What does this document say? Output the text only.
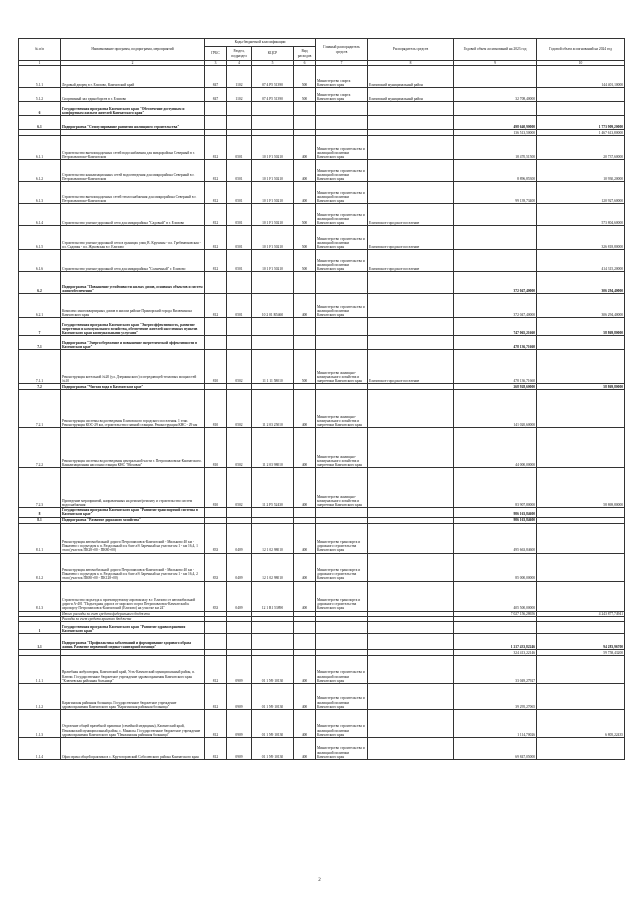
№ п/п	Наименование программ, подпрограмм, мероприятий	Коды бюджетной классификации				Главный распорядитель средств	Распорядитель средств	Годовой объем ассигнований на 2023 год	Годовой объем ассигнований на 2024 год
		ГРБС	Раздел, подраздел	КЦСР	Вид расходов				
1	2	3	4	5	6	7	8	9	10
5.1.1	Ледовый дворец в г. Елизово, Камчатский край	847	1102	07 4 Р5 51390	500	Министерство спорта Камчатского края	Елизовский муниципальный район		144 401,10000
5.1.2	Спортивный зал единоборств в г. Елизово	847	1102	07 4 Р5 51390	500	Министерство спорта Камчатского края	Елизовский муниципальный район	32 708,40000	
6	Государственная программа Камчатского края "Обеспечение доступным и комфортным жильем жителей Камчатского края"								
6.1	Подпрограмма "Стимулирование развития жилищного строительства"							498 640,90000	1 773 909,20000
								136 513,50000	1 467 613,80000
6.1.1	Строительство внеплощадочных сетей водоснабжения для микрорайона Северный в г. Петропавловске-Камчатском	812	0501	10 1 F1 50210	400	Министерство строительства и жилищной политики Камчатского края		18 470,51500	20 737,60000
6.1.2	Строительство канализационных сетей водоотведения для микрорайона Северный в г. Петропавловске-Камчатском	812	0501	10 1 F1 50210	400	Министерство строительства и жилищной политики Камчатского края		8 896,85300	10 930,20000
6.1.3	Строительство внеплощадочных сетей теплоснабжения для микрорайона Северный в г. Петропавловске-Камчатском	812	0501	10 1 F1 50210	400	Министерство строительства и жилищной политики Камчатского края		99 139,73400	120 927,60000
6.1.4	Строительство улично-дорожной сети для микрорайона "Садовый" в г. Елизово	812	0501	10 1 F1 50210	500	Министерство строительства и жилищной политики Камчатского края	Елизовское городское поселение		573 804,60000
6.1.5	Строительство улично-дорожной сети в границах улиц В. Кручины - пл. Гребенюковская - пл. Садовая - пл. Жуковская в г. Елизово	812	0501	10 1 F1 50210	500	Министерство строительства и жилищной политики Камчатского края	Елизовское городское поселение		326 818,80000
6.1.6	Строительство улично-дорожной сети для микрорайона "Солнечный" г. Елизово	812	0501	10 1 F1 50210	500	Министерство строительства и жилищной политики Камчатского края	Елизовское городское поселение		414 315,20000
6.2	Подпрограмма "Повышение устойчивости жилых домов, основных объектов и систем жизнеобеспечения"							372 047,40000	306 294,40000
6.2.1	Комплекс многоквартирных домов в жилом районе Приморский города Вилючинска Камчатского края	812	0501	10 2 01 R5460	400	Министерство строительства и жилищной политики Камчатского края		372 047,40000	306 294,40000
7	Государственная программа Камчатского края "Энергоэффективность, развитие энергетики и коммунального хозяйства, обеспечение жителей населенных пунктов Камчатского края коммунальными услугами"							747 065,21660	58 869,80000
7.1	Подпрограмма "Энергосбережение и повышение энергетической эффективности в Камчатском крае"							478 136,71660	
7.1.1	Реконструкция котельной №20 (ул. Дзержинского) и передающей тепловых мощностей №10	810	0502	11 1 11 58010	500	Министерство жилищно-коммунального хозяйства и энергетики Камчатского края	Елизовское городское поселение	478 136,71660	
7.2	Подпрограмма "Чистая вода в Камчатском крае"							268 928,60000	58 869,80000
7.2.1	Реконструкция системы водоотведения Елизовского городского поселения. 1 этап. Реконструкция КОС-29 км, строительство главной станции. Реконструкция КНС - 29 км	810	0502	11 2 03 25010	400	Министерство жилищно-коммунального хозяйства и энергетики Камчатского края		141 020,60000	
7.2.2	Реконструкция системы водоотведения центральной части г. Петропавловска-Камчатского. Канализационная насосная станция КНС "Моховая"	810	0502	11 2 03 98010	400	Министерство жилищно-коммунального хозяйства и энергетики Камчатского края		44 000,00000	
7.2.3	Проведение мероприятий, направленных на ремонт/ремонту и строительство систем водоснабжения	810	0502	11 2 F5 52430	400	Министерство жилищно-коммунального хозяйства и энергетики Камчатского края		83 907,80000	58 869,80000
8	Государственная программа Камчатского края "Развитие транспортной системы в Камчатском крае"							986 163,84600	
8.1	Подпрограмма "Развитие дорожного хозяйства"							986 163,84600	
8.1.1	Реконструкция автомобильной дороги Петропавловск-Камчатский - Мильково 40 км - Пиначево с подъездом к п. Раздольный и к базе а/б Заречный на участке км 1 - км 16,4, 1 этап (участок ПК28+00 - ПК80+00)	833	0409	12 1 02 98010	400	Министерство транспорта и дорожного строительства Камчатского края		495 663,84600	
8.1.2	Реконструкция автомобильной дороги Петропавловск-Камчатский - Мильково 40 км - Пиначево с подъездом к п. Раздольный и к базе а/б Заречный на участке км 1 - км 16,4, 2 этап (участок ПК80+00 - ПК128+00)	833	0409	12 1 02 98010	400	Министерство транспорта и дорожного строительства Камчатского края		85 000,00000	
8.1.3	Строительство подъезда к проектируемому аэровокзалу в г. Елизово от автомобильной дороги А-401 "Подъездная дорога от морского порта Петропавловск-Камчатский к аэропорту Петропавловск-Камчатский (Елизово) на участке км 24"	833	0409	12 1 R1 53890	400	Министерство транспорта и дорожного строительства Камчатского края		405 500,00000	
	Итого расходы за счет средств федерального бюджета							7 027 156,28656	4 243 877,74941
	Расходы за счет средств краевого бюджета								
1	Государственная программа Камчатского края "Развитие здравоохранения Камчатского края"								
1.1	Подпрограмма "Профилактика заболеваний и формирование здорового образа жизни. Развитие первичной медико-санитарной помощи"							1 217 433,82246	94 283,96700
								324 413,22146	59 758,43200
1.1.1	Врачебная амбулатория, Камчатский край, Усть-Камчатский муниципальный район, п. Ключи. Государственное бюджетное учреждение здравоохранения Камчатского края "Ключевская районная больница"	812	0909	01 1 N9 10130	400	Министерство строительства и жилищной политики Камчатского края		33 049,27927	
1.1.2	Карагинская районная больница. Государственное бюджетное учреждение здравоохранения Камчатского края "Карагинская районная больница"	812	0909	01 1 N9 10130	400	Министерство строительства и жилищной политики Камчатского края		39 295,27065	
1.1.3	Отделение общей врачебной практики (семейной медицины), Камчатский край, Пенжинский муниципальный район, с. Манилы. Государственное бюджетное учреждение здравоохранения Камчатского края "Пенжинская районная больница"	812	0909	01 1 N9 10130	400	Министерство строительства и жилищной политики Камчатского края		1 114,70026	6 805,22435
1.1.4	Офис врача общей практики в с. Крутогоровский Соболевского района Камчатского края	812	0909	01 1 N9 10130	400	Министерство строительства и жилищной политики Камчатского края		69 847,05000	
2
